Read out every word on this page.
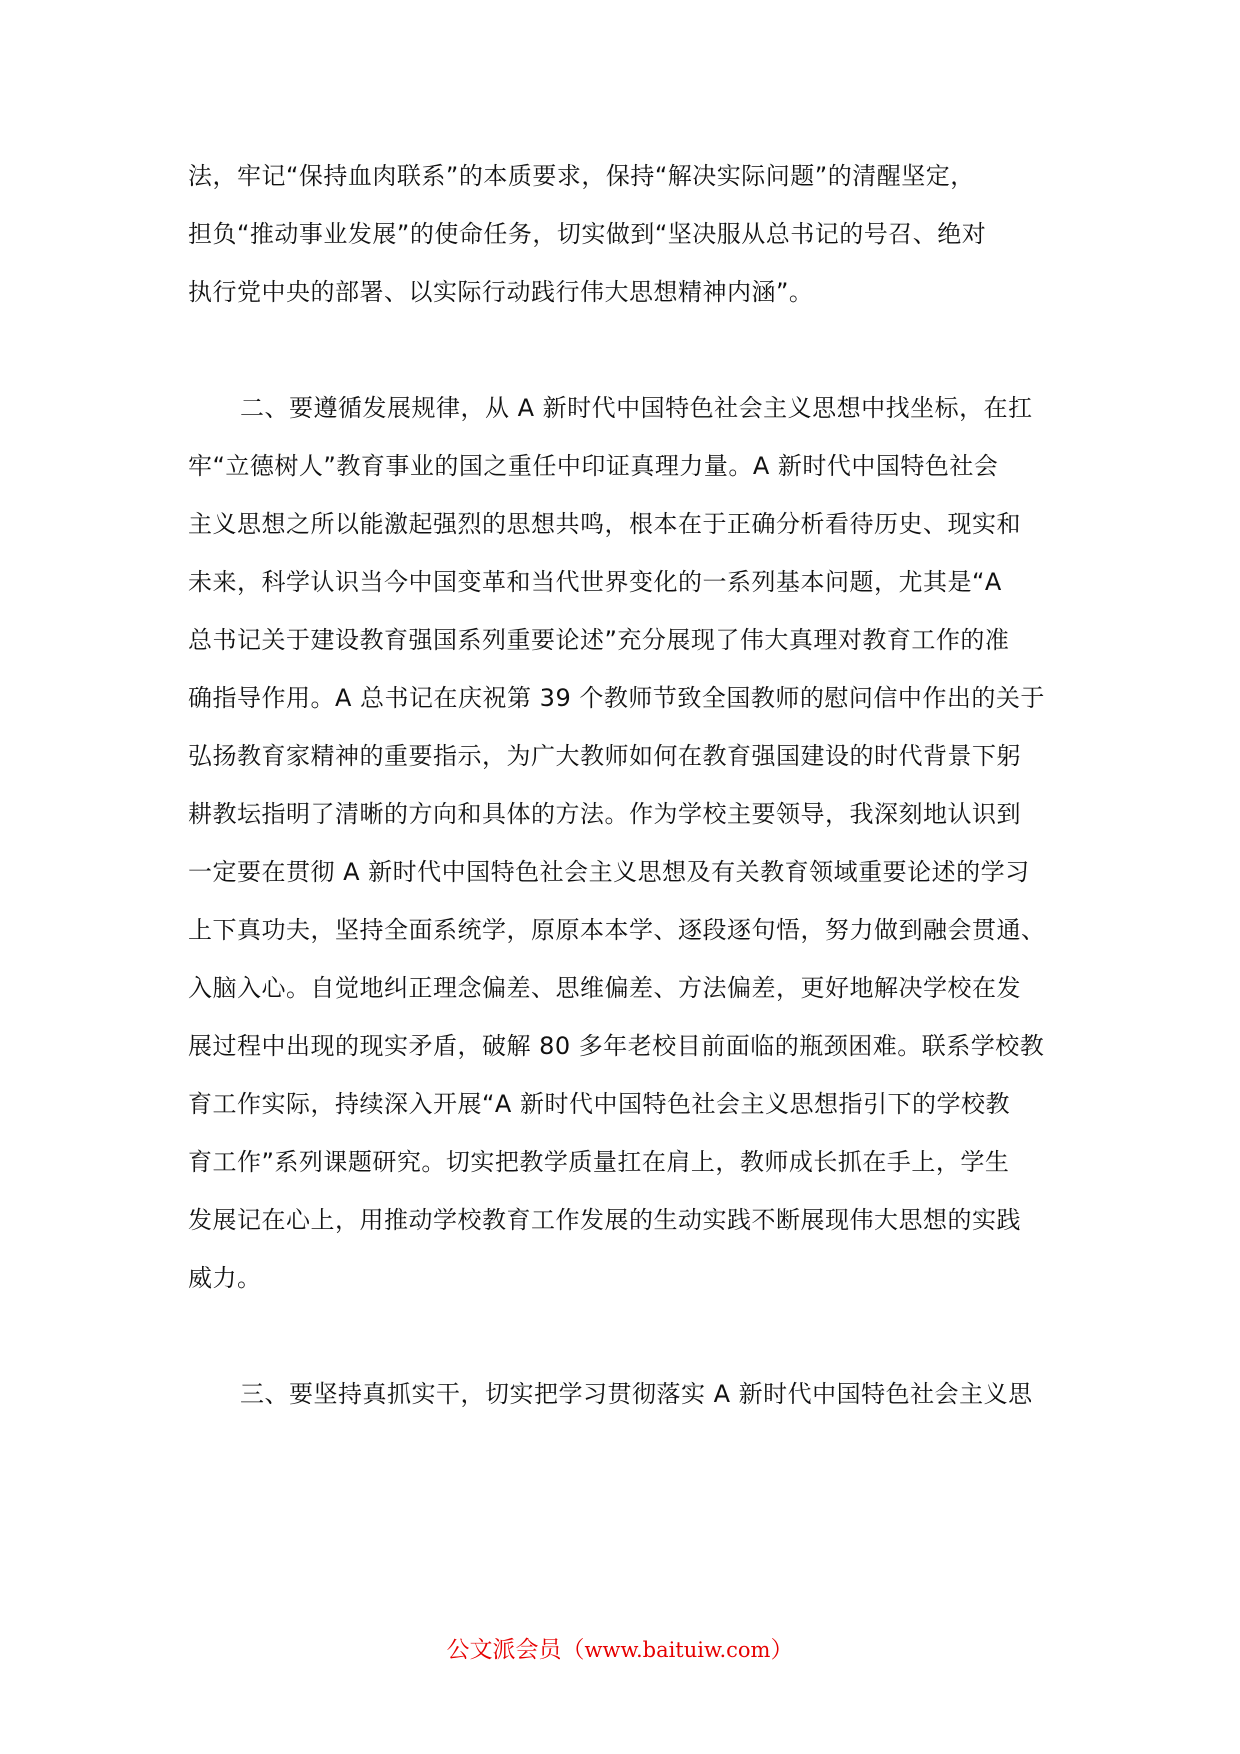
法，牢记“保持血肉联系”的本质要求，保持“解决实际问题”的清醒坚定，
担负“推动事业发展”的使命任务，切实做到“坚决服从总书记的号召、绝对
执行党中央的部署、以实际行动践行伟大思想精神内涵”。
二、要遵循发展规律，从 A 新时代中国特色社会主义思想中找坐标，在扛
牢“立德树人”教育事业的国之重任中印证真理力量。A 新时代中国特色社会
主义思想之所以能激起强烈的思想共鸣，根本在于正确分析看待历史、现实和
未来，科学认识当今中国变革和当代世界变化的一系列基本问题，尤其是“A
总书记关于建设教育强国系列重要论述”充分展现了伟大真理对教育工作的准
确指导作用。A 总书记在庆祝第 39 个教师节致全国教师的慰问信中作出的关于
弘扬教育家精神的重要指示，为广大教师如何在教育强国建设的时代背景下躬
耕教坛指明了清晰的方向和具体的方法。作为学校主要领导，我深刻地认识到
一定要在贯彻 A 新时代中国特色社会主义思想及有关教育领域重要论述的学习
上下真功夫，坚持全面系统学，原原本本学、逐段逐句悟，努力做到融会贯通、
入脑入心。自觉地纠正理念偏差、思维偏差、方法偏差，更好地解决学校在发
展过程中出现的现实矛盾，破解 80 多年老校目前面临的瓶颈困难。联系学校教
育工作实际，持续深入开展“A 新时代中国特色社会主义思想指引下的学校教
育工作”系列课题研究。切实把教学质量扛在肩上，教师成长抓在手上，学生
发展记在心上，用推动学校教育工作发展的生动实践不断展现伟大思想的实践
威力。
三、要坚持真抓实干，切实把学习贯彻落实 A 新时代中国特色社会主义思
公文派会员（www.baituiw.com）
